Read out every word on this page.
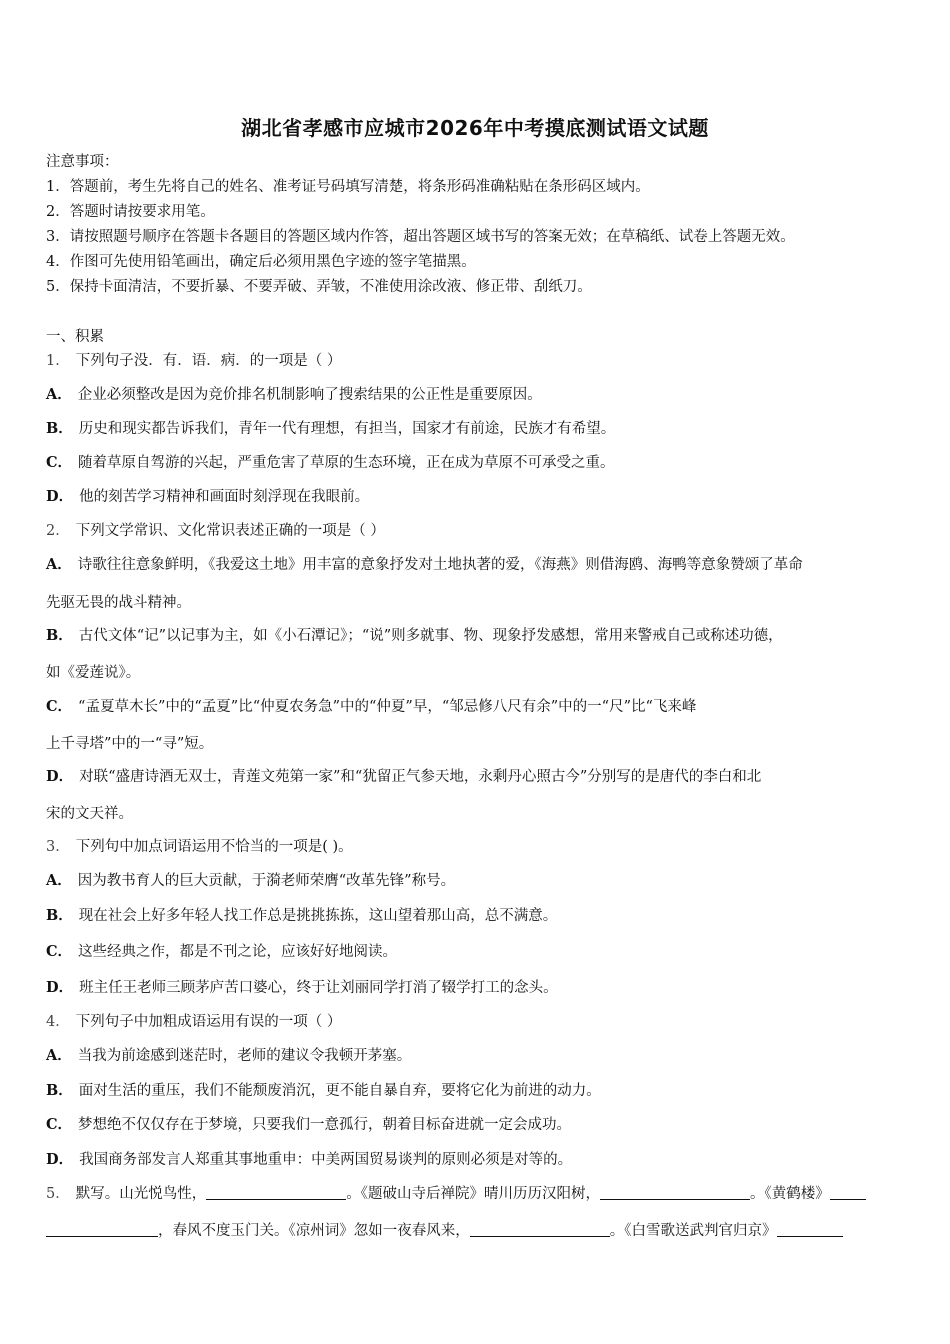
湖北省孝感市应城市2026年中考摸底测试语文试题
注意事项：
1．答题前，考生先将自己的姓名、准考证号码填写清楚，将条形码准确粘贴在条形码区域内。
2．答题时请按要求用笔。
3．请按照题号顺序在答题卡各题目的答题区域内作答，超出答题区域书写的答案无效；在草稿纸、试卷上答题无效。
4．作图可先使用铅笔画出，确定后必须用黑色字迹的签字笔描黑。
5．保持卡面清洁，不要折暴、不要弄破、弄皱，不准使用涂改液、修正带、刮纸刀。
一、积累
1． 下列句子没．有．语．病．的一项是（ ）
A． 企业必须整改是因为竞价排名机制影响了搜索结果的公正性是重要原因。
B． 历史和现实都告诉我们，青年一代有理想，有担当，国家才有前途，民族才有希望。
C． 随着草原自驾游的兴起，严重危害了草原的生态环境，正在成为草原不可承受之重。
D． 他的刻苦学习精神和画面时刻浮现在我眼前。
2． 下列文学常识、文化常识表述正确的一项是（ ）
A． 诗歌往往意象鲜明，《我爱这土地》用丰富的意象抒发对土地执著的爱，《海燕》则借海鸥、海鸭等意象赞颂了革命
先驱无畏的战斗精神。
B． 古代文体“记”以记事为主，如《小石潭记》；“说”则多就事、物、现象抒发感想，常用来警戒自己或称述功德，
如《爱莲说》。
C． “孟夏草木长”中的“孟夏”比“仲夏农务急”中的“仲夏”早，“邹忌修八尺有余”中的一“尺”比“飞来峰
上千寻塔”中的一“寻”短。
D． 对联“盛唐诗酒无双士，青莲文苑第一家”和“犹留正气参天地，永剩丹心照古今”分别写的是唐代的李白和北
宋的文天祥。
3． 下列句中加点词语运用不恰当的一项是( )。
A． 因为教书育人的巨大贡献，于漪老师荣膺“改革先锋”称号。
B． 现在社会上好多年轻人找工作总是挑挑拣拣，这山望着那山高，总不满意。
C． 这些经典之作，都是不刊之论，应该好好地阅读。
D． 班主任王老师三顾茅庐苦口婆心，终于让刘丽同学打消了辍学打工的念头。
4． 下列句子中加粗成语运用有误的一项（ ）
A． 当我为前途感到迷茫时，老师的建议令我顿开茅塞。
B． 面对生活的重压，我们不能颓废消沉，更不能自暴自弃，要将它化为前进的动力。
C． 梦想绝不仅仅存在于梦境，只要我们一意孤行，朝着目标奋进就一定会成功。
D． 我国商务部发言人郑重其事地重申：中美两国贸易谈判的原则必须是对等的。
5． 默写。山光悦鸟性，	。《题破山寺后禅院》晴川历历汉阳树，	。《黄鹤楼》
，春风不度玉门关。《凉州词》忽如一夜春风来，	。《白雪歌送武判官归京》
